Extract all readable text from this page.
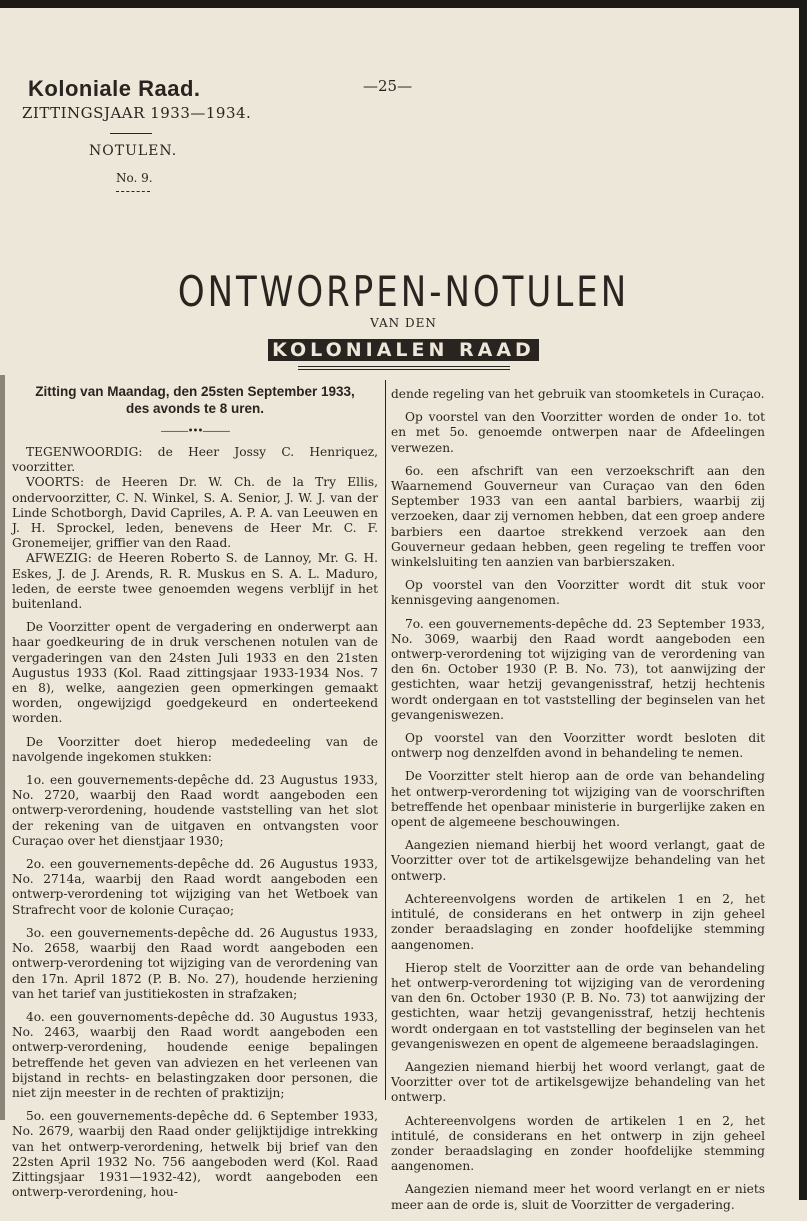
Koloniale Raad.
ZITTINGSJAAR 1933—1934.
NOTULEN.
No. 9.
—25—
ONTWORPEN-NOTULEN
VAN DEN
KOLONIALEN RAAD

Zitting van Maandag, den 25sten September 1933,

des avonds te 8 uren.

———•••———

TEGENWOORDIG: de Heer Jossy C. Henriquez, voorzitter.

VOORTS: de Heeren Dr. W. Ch. de la Try Ellis, ondervoorzitter, C. N. Winkel, S. A. Senior, J. W. J. van der Linde Schotborgh, David Capriles, A. P. A. van Leeuwen en J. H. Sprockel, leden, benevens de Heer Mr. C. F. Gronemeijer, griffier van den Raad.

AFWEZIG: de Heeren Roberto S. de Lannoy, Mr. G. H. Eskes, J. de J. Arends, R. R. Muskus en S. A. L. Maduro, leden, de eerste twee genoemden wegens verblijf in het buitenland.

De Voorzitter opent de vergadering en onderwerpt aan haar goedkeuring de in druk verschenen notulen van de vergaderingen van den 24sten Juli 1933 en den 21sten Augustus 1933 (Kol. Raad zittingsjaar 1933-1934 Nos. 7 en 8), welke, aangezien geen opmerkingen gemaakt worden, ongewijzigd goedgekeurd en onderteekend worden.

De Voorzitter doet hierop mededeeling van de navolgende ingekomen stukken:

1o. een gouvernements-depêche dd. 23 Augustus 1933, No. 2720, waarbij den Raad wordt aangeboden een ontwerp-verordening, houdende vaststelling van het slot der rekening van de uitgaven en ontvangsten voor Curaçao over het dienstjaar 1930;

2o. een gouvernements-depêche dd. 26 Augustus 1933, No. 2714a, waarbij den Raad wordt aangeboden een ontwerp-verordening tot wijziging van het Wetboek van Strafrecht voor de kolonie Curaçao;

3o. een gouvernements-depêche dd. 26 Augustus 1933, No. 2658, waarbij den Raad wordt aangeboden een ontwerp-verordening tot wijziging van de verordening van den 17n. April 1872 (P. B. No. 27), houdende herziening van het tarief van justitiekosten in strafzaken;

4o. een gouvernoments-depêche dd. 30 Augustus 1933, No. 2463, waarbij den Raad wordt aangeboden een ontwerp-verordening, houdende eenige bepalingen betreffende het geven van adviezen en het verleenen van bijstand in rechts- en belastingzaken door personen, die niet zijn meester in de rechten of praktizijn;

5o. een gouvernements-depêche dd. 6 September 1933, No. 2679, waarbij den Raad onder gelijktijdige intrekking van het ontwerp-verordening, hetwelk bij brief van den 22sten April 1932 No. 756 aangeboden werd (Kol. Raad Zittingsjaar 1931—1932-42), wordt aangeboden een ontwerp-verordening, hou-

dende regeling van het gebruik van stoomketels in Curaçao.

Op voorstel van den Voorzitter worden de onder 1o. tot en met 5o. genoemde ontwerpen naar de Afdeelingen verwezen.

6o. een afschrift van een verzoekschrift aan den Waarnemend Gouverneur van Curaçao van den 6den September 1933 van een aantal barbiers, waarbij zij verzoeken, daar zij vernomen hebben, dat een groep andere barbiers een daartoe strekkend verzoek aan den Gouverneur gedaan hebben, geen regeling te treffen voor winkelsluiting ten aanzien van barbierszaken.

Op voorstel van den Voorzitter wordt dit stuk voor kennisgeving aangenomen.

7o. een gouvernements-depêche dd. 23 September 1933, No. 3069, waarbij den Raad wordt aangeboden een ontwerp-verordening tot wijziging van de verordening van den 6n. October 1930 (P. B. No. 73), tot aanwijzing der gestichten, waar hetzij gevangenisstraf, hetzij hechtenis wordt ondergaan en tot vaststelling der beginselen van het gevangeniswezen.

Op voorstel van den Voorzitter wordt besloten dit ontwerp nog denzelfden avond in behandeling te nemen.

De Voorzitter stelt hierop aan de orde van behandeling het ontwerp-verordening tot wijziging van de voorschriften betreffende het openbaar ministerie in burgerlijke zaken en opent de algemeene beschouwingen.

Aangezien niemand hierbij het woord verlangt, gaat de Voorzitter over tot de artikelsgewijze behandeling van het ontwerp.

Achtereenvolgens worden de artikelen 1 en 2, het intitulé, de considerans en het ontwerp in zijn geheel zonder beraadslaging en zonder hoofdelijke stemming aangenomen.

Hierop stelt de Voorzitter aan de orde van behandeling het ontwerp-verordening tot wijziging van de verordening van den 6n. October 1930 (P. B. No. 73) tot aanwijzing der gestichten, waar hetzij gevangenisstraf, hetzij hechtenis wordt ondergaan en tot vaststelling der beginselen van het gevangeniswezen en opent de algemeene beraadslagingen.

Aangezien niemand hierbij het woord verlangt, gaat de Voorzitter over tot de artikelsgewijze behandeling van het ontwerp.

Achtereenvolgens worden de artikelen 1 en 2, het intitulé, de considerans en het ontwerp in zijn geheel zonder beraadslaging en zonder hoofdelijke stemming aangenomen.

Aangezien niemand meer het woord verlangt en er niets meer aan de orde is, sluit de Voorzitter de vergadering.
